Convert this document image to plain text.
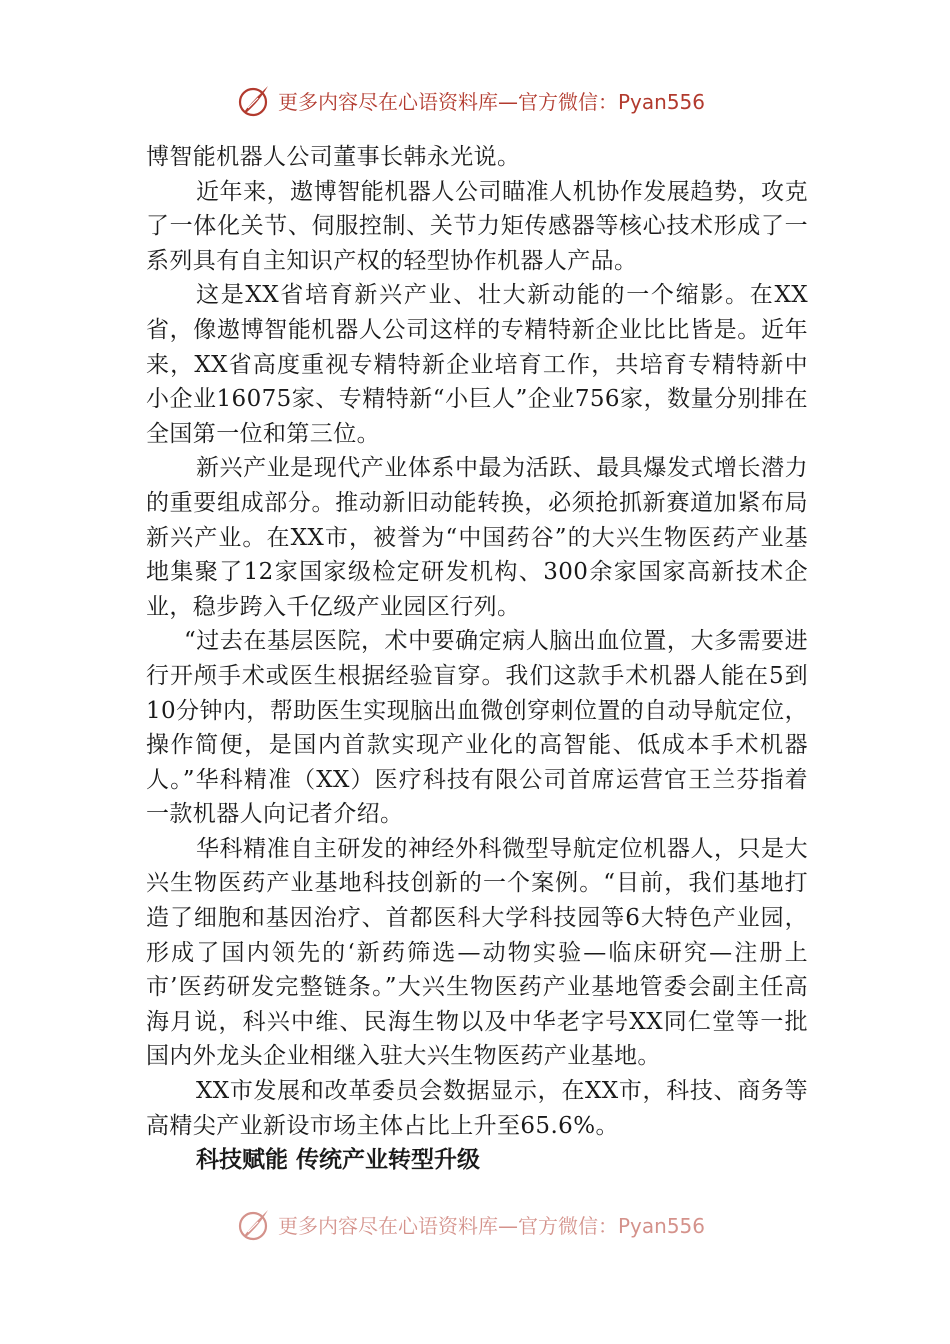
更多内容尽在心语资料库—官方微信：Pyan556

博智能机器人公司董事长韩永光说。

近年来，遨博智能机器人公司瞄准人机协作发展趋势，攻克了一体化关节、伺服控制、关节力矩传感器等核心技术形成了一系列具有自主知识产权的轻型协作机器人产品。

这是XX省培育新兴产业、壮大新动能的一个缩影。在XX省，像遨博智能机器人公司这样的专精特新企业比比皆是。近年来，XX省高度重视专精特新企业培育工作，共培育专精特新中小企业16075家、专精特新“小巨人”企业756家，数量分别排在全国第一位和第三位。

新兴产业是现代产业体系中最为活跃、最具爆发式增长潜力的重要组成部分。推动新旧动能转换，必须抢抓新赛道加紧布局新兴产业。在XX市，被誉为“中国药谷”的大兴生物医药产业基地集聚了12家国家级检定研发机构、300余家国家高新技术企业，稳步跨入千亿级产业园区行列。

“过去在基层医院，术中要确定病人脑出血位置，大多需要进行开颅手术或医生根据经验盲穿。我们这款手术机器人能在5到10分钟内，帮助医生实现脑出血微创穿刺位置的自动导航定位，操作简便，是国内首款实现产业化的高智能、低成本手术机器人。”华科精准（XX）医疗科技有限公司首席运营官王兰芬指着一款机器人向记者介绍。

华科精准自主研发的神经外科微型导航定位机器人，只是大兴生物医药产业基地科技创新的一个案例。“目前，我们基地打造了细胞和基因治疗、首都医科大学科技园等6大特色产业园，形成了国内领先的‘新药筛选—动物实验—临床研究—注册上市’医药研发完整链条。”大兴生物医药产业基地管委会副主任高海月说，科兴中维、民海生物以及中华老字号XX同仁堂等一批国内外龙头企业相继入驻大兴生物医药产业基地。

XX市发展和改革委员会数据显示，在XX市，科技、商务等高精尖产业新设市场主体占比上升至65.6%。

科技赋能 传统产业转型升级
更多内容尽在心语资料库—官方微信：Pyan556
